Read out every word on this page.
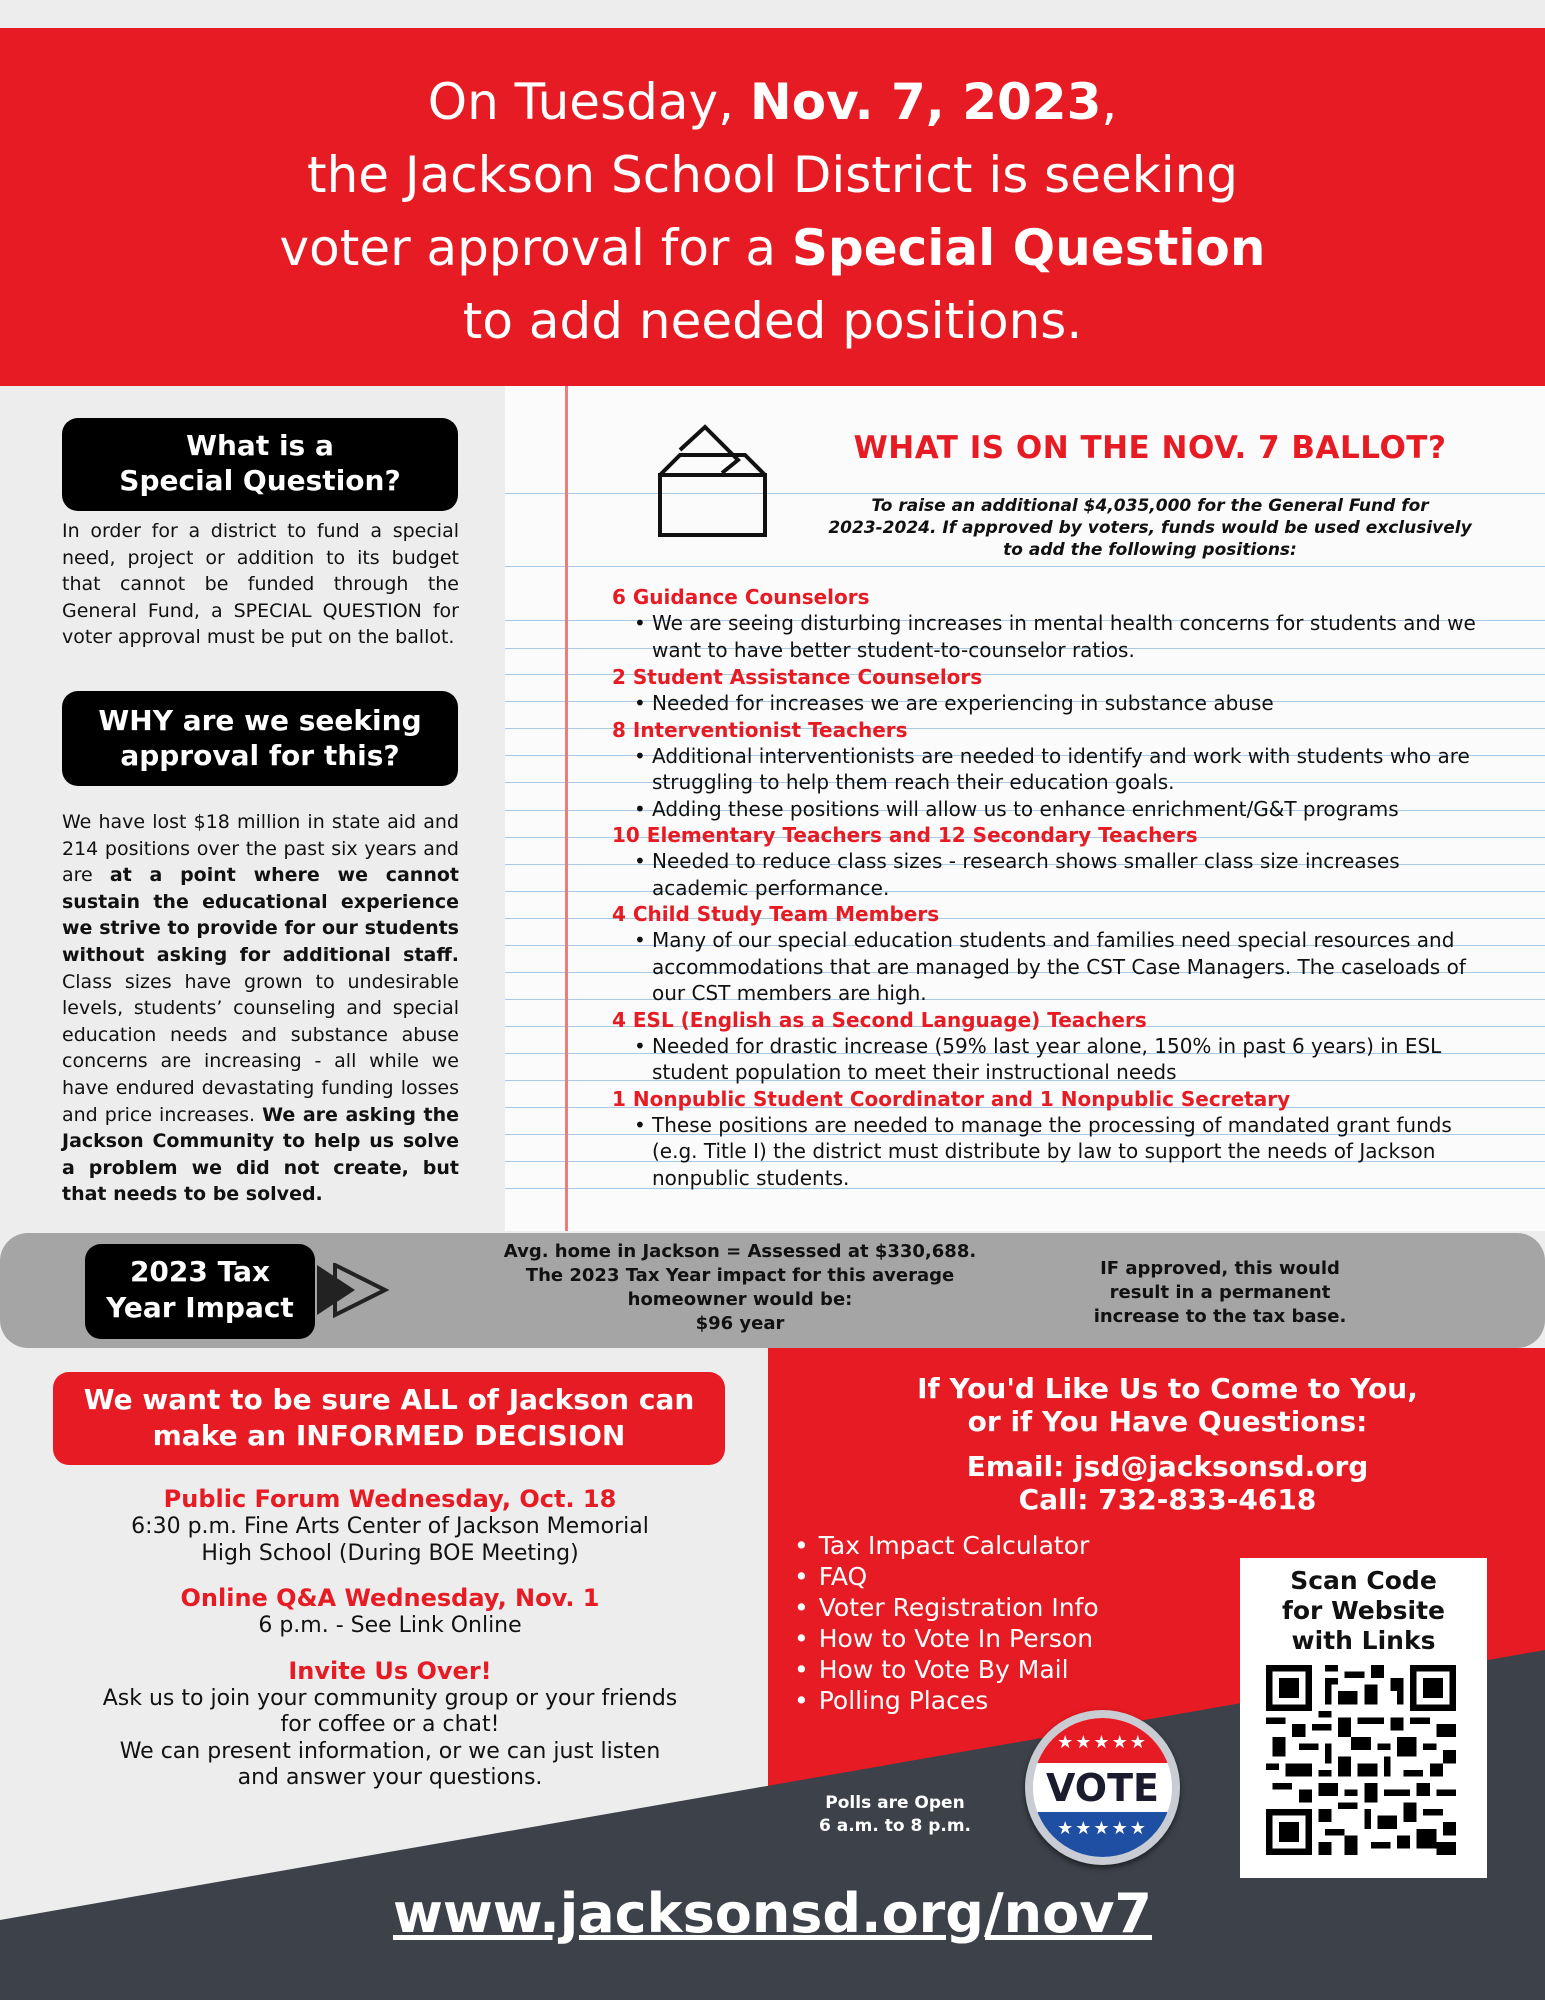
On Tuesday, Nov. 7, 2023,
the Jackson School District is seeking
voter approval for a Special Question
to add needed positions.
What is a
Special Question?
In order for a district to fund a special need, project or addition to its budget that cannot be funded through the General Fund, a SPECIAL QUESTION for voter approval must be put on the ballot.
WHY are we seeking
approval for this?
We have lost $18 million in state aid and 214 positions over the past six years and are at a point where we cannot sustain the educational experience we strive to provide for our students without asking for additional staff. Class sizes have grown to undesirable levels, students’ counseling and special education needs and substance abuse concerns are increasing - all while we have endured devastating funding losses and price increases. We are asking the Jackson Community to help us solve a problem we did not create, but that needs to be solved.
WHAT IS ON THE NOV. 7 BALLOT?
To raise an additional $4,035,000 for the General Fund for
2023-2024. If approved by voters, funds would be used exclusively
to add the following positions:
6 Guidance Counselors
• We are seeing disturbing increases in mental health concerns for students and we want to have better student-to-counselor ratios.
2 Student Assistance Counselors
• Needed for increases we are experiencing in substance abuse
8 Interventionist Teachers
• Additional interventionists are needed to identify and work with students who are struggling to help them reach their education goals.
• Adding these positions will allow us to enhance enrichment/G&T programs
10 Elementary Teachers and 12 Secondary Teachers
• Needed to reduce class sizes - research shows smaller class size increases academic performance.
4 Child Study Team Members
• Many of our special education students and families need special resources and accommodations that are managed by the CST Case Managers. The caseloads of our CST members are high.
4 ESL (English as a Second Language) Teachers
• Needed for drastic increase (59% last year alone, 150% in past 6 years) in ESL student population to meet their instructional needs
1 Nonpublic Student Coordinator and 1 Nonpublic Secretary
• These positions are needed to manage the processing of mandated grant funds (e.g. Title I) the district must distribute by law to support the needs of Jackson nonpublic students.
2023 Tax
Year Impact
Avg. home in Jackson = Assessed at $330,688.
The 2023 Tax Year impact for this average
homeowner would be:
$96 year
IF approved, this would
result in a permanent
increase to the tax base.
We want to be sure ALL of Jackson can
make an INFORMED DECISION
Public Forum Wednesday, Oct. 18
6:30 p.m. Fine Arts Center of Jackson Memorial
High School (During BOE Meeting)
Online Q&A Wednesday, Nov. 1
6 p.m. - See Link Online
Invite Us Over!
Ask us to join your community group or your friends
for coffee or a chat!
We can present information, or we can just listen
and answer your questions.
If You'd Like Us to Come to You,
or if You Have Questions:
Email: jsd@jacksonsd.org
Call: 732-833-4618
• Tax Impact Calculator
• FAQ
• Voter Registration Info
• How to Vote In Person
• How to Vote By Mail
• Polling Places
Scan Code
for Website
with Links
★★★★★
★★★★★
VOTE
Polls are Open
6 a.m. to 8 p.m.
www.jacksonsd.org/nov7
